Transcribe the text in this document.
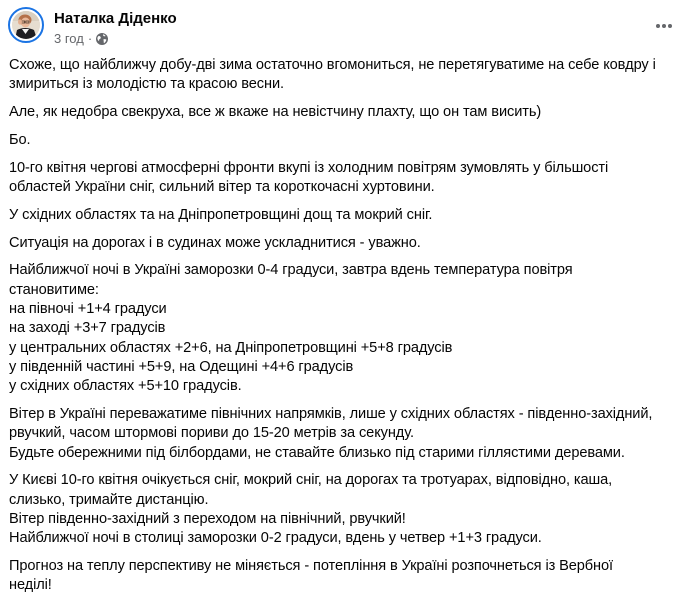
Наталка Діденко
3 год ·

Схоже, що найближчу добу-дві зима остаточно вгомониться, не перетягуватиме на себе ковдру і
змириться із молодістю та красою весни.

Але, як недобра свекруха, все ж вкаже на невістчину плахту, що он там висить)

Бо.

10-го квітня чергові атмосферні фронти вкупі із холодним повітрям зумовлять у більшості
областей України сніг, сильний вітер та короткочасні хуртовини.

У східних областях та на Дніпропетровщині дощ та мокрий сніг.

Ситуація на дорогах і в судинах може ускладнитися - уважно.

Найближчої ночі в Україні заморозки 0-4 градуси, завтра вдень температура повітря
становитиме:
на півночі +1+4 градуси
на заході +3+7 градусів
у центральних областях +2+6, на Дніпропетровщині +5+8 градусів
у південній частині +5+9, на Одещині +4+6 градусів
у східних областях +5+10 градусів.

Вітер в Україні переважатиме північних напрямків, лише у східних областях - південно-західний,
рвучкий, часом штормові пориви до 15-20 метрів за секунду.
Будьте обережними під білбордами, не ставайте близько під старими гіллястими деревами.

У Києві 10-го квітня очікується сніг, мокрий сніг, на дорогах та тротуарах, відповідно, каша,
слизько, тримайте дистанцію.
Вітер південно-західний з переходом на північний, рвучкий!
Найближчої ночі в столиці заморозки 0-2 градуси, вдень у четвер +1+3 градуси.

Прогноз на теплу перспективу не міняється - потепління в Україні розпочнеться із Вербної
неділі!
